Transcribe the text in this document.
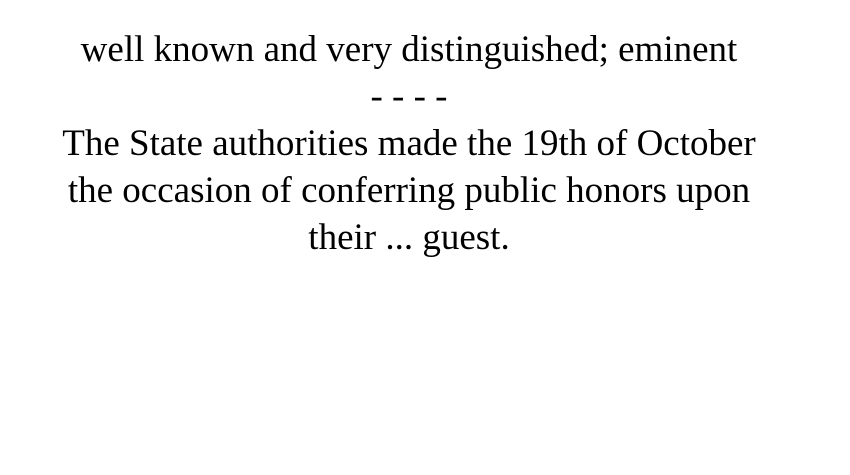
well known and very distinguished; eminent

- - - -

The State authorities made the 19th of October the occasion of conferring public honors upon their ... guest.
